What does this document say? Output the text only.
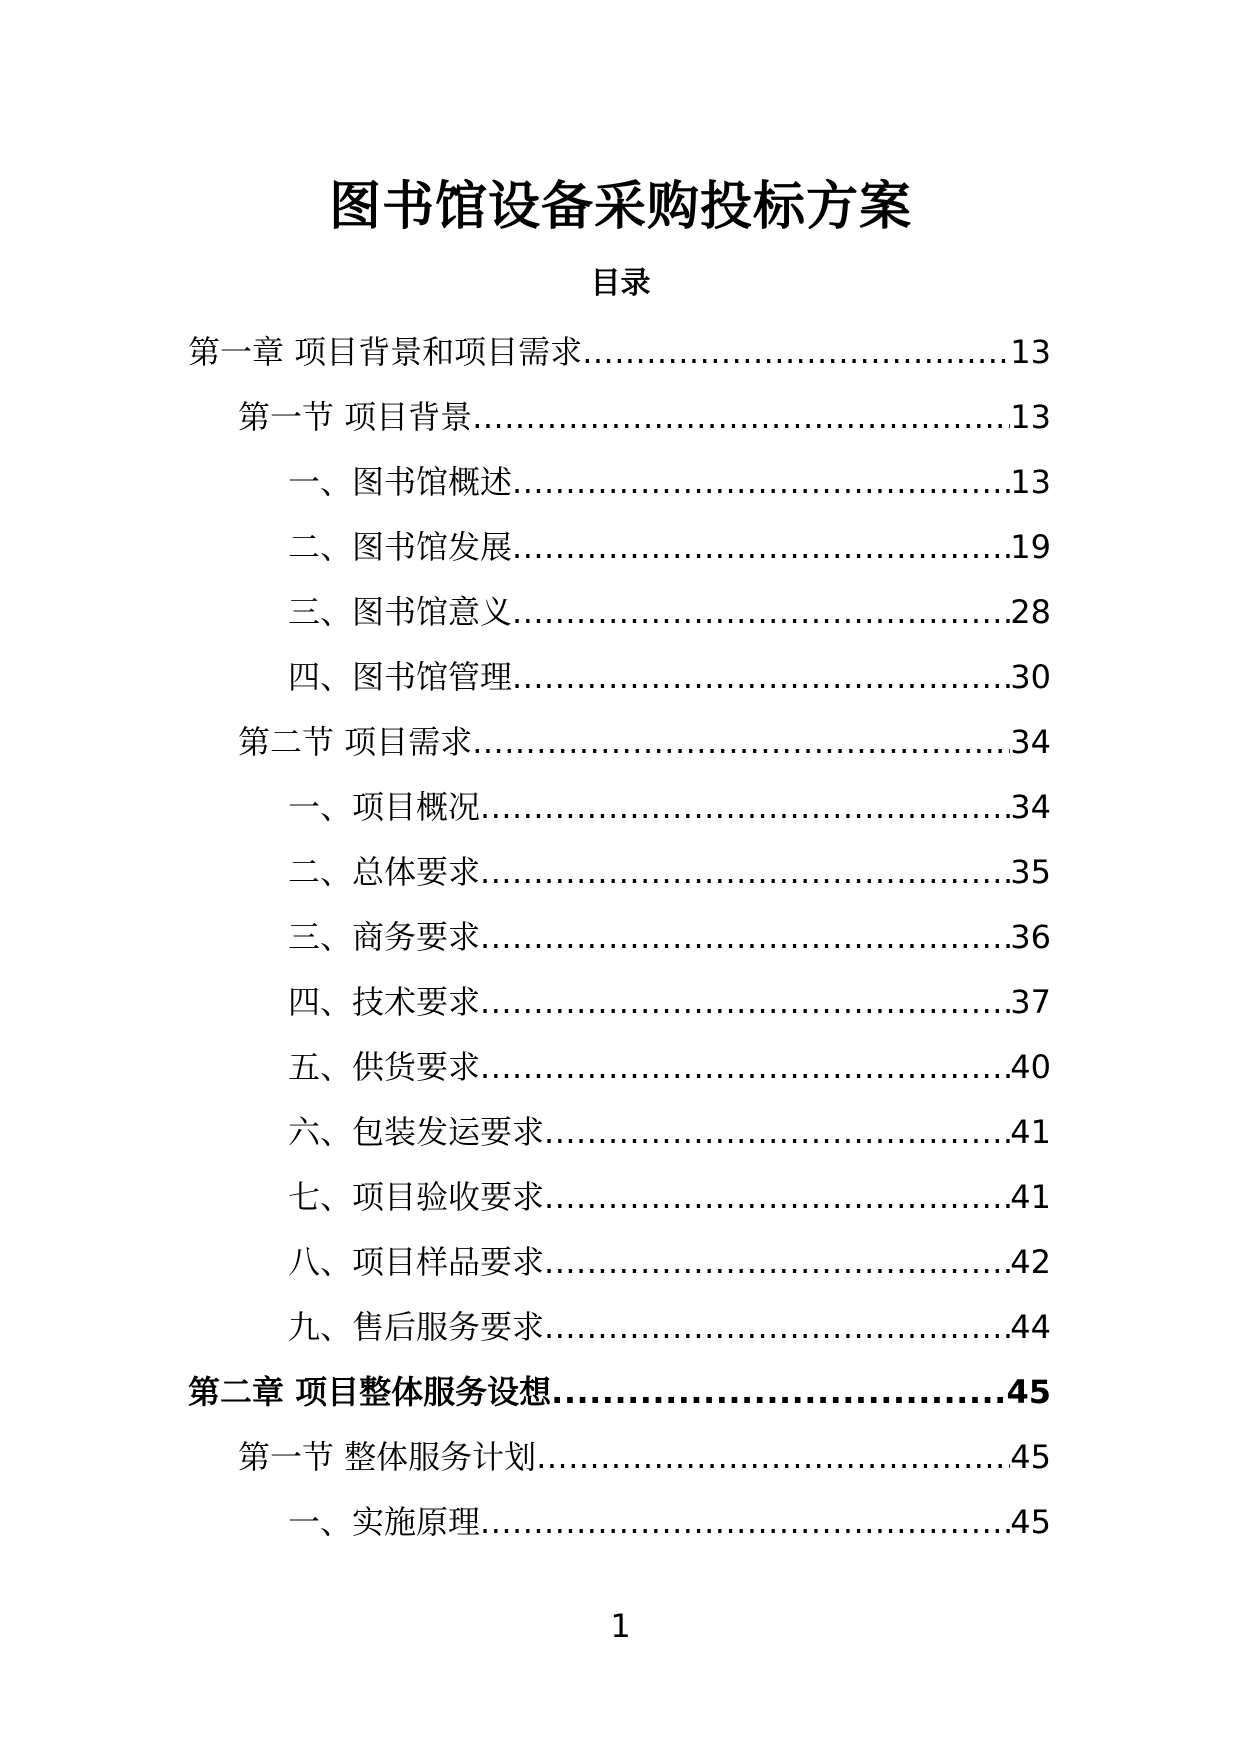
图书馆设备采购投标方案
目录
第一章 项目背景和项目需求 .....	13
第一节 项目背景 .....	13
一、图书馆概述 .....	13
二、图书馆发展 .....	19
三、图书馆意义 .....	28
四、图书馆管理 .....	30
第二节 项目需求 .....	34
一、项目概况 .....	34
二、总体要求 .....	35
三、商务要求 .....	36
四、技术要求 .....	37
五、供货要求 .....	40
六、包装发运要求 .....	41
七、项目验收要求 .....	41
八、项目样品要求 .....	42
九、售后服务要求 .....	44
第二章 项目整体服务设想 .....	45
第一节 整体服务计划 .....	45
一、实施原理 .....	45
1
